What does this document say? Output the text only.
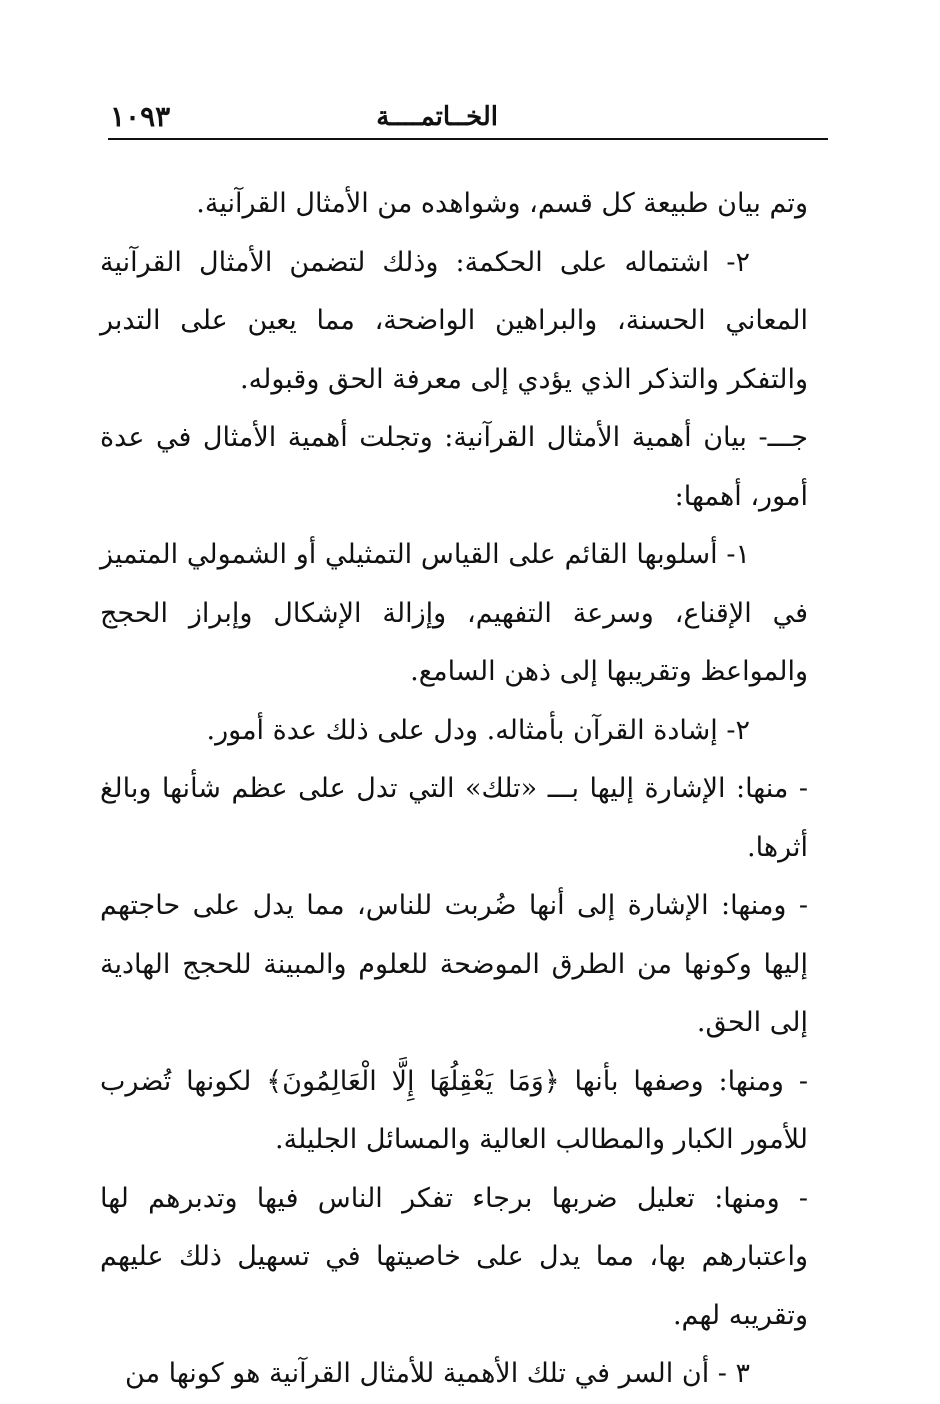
الخــاتمــــة
١٠٩٣

وتم بيان طبيعة كل قسم، وشواهده من الأمثال القرآنية.

٢- اشتماله على الحكمة: وذلك لتضمن الأمثال القرآنية المعاني الحسنة، والبراهين الواضحة، مما يعين على التدبر والتفكر والتذكر الذي يؤدي إلى معرفة الحق وقبوله.

جـــ- بيان أهمية الأمثال القرآنية: وتجلت أهمية الأمثال في عدة أمور، أهمها:

١- أسلوبها القائم على القياس التمثيلي أو الشمولي المتميز في الإقناع، وسرعة التفهيم، وإزالة الإشكال وإبراز الحجج والمواعظ وتقريبها إلى ذهن السامع.

٢- إشادة القرآن بأمثاله. ودل على ذلك عدة أمور.

- منها: الإشارة إليها بـــ «تلك» التي تدل على عظم شأنها وبالغ أثرها.

- ومنها: الإشارة إلى أنها ضُربت للناس، مما يدل على حاجتهم إليها وكونها من الطرق الموضحة للعلوم والمبينة للحجج الهادية إلى الحق.

- ومنها: وصفها بأنها ﴿وَمَا يَعْقِلُهَا إِلَّا الْعَالِمُونَ﴾ لكونها تُضرب للأمور الكبار والمطالب العالية والمسائل الجليلة.

- ومنها: تعليل ضربها برجاء تفكر الناس فيها وتدبرهم لها واعتبارهم بها، مما يدل على خاصيتها في تسهيل ذلك عليهم وتقريبه لهم.

٣ - أن السر في تلك الأهمية للأمثال القرآنية هو كونها من
